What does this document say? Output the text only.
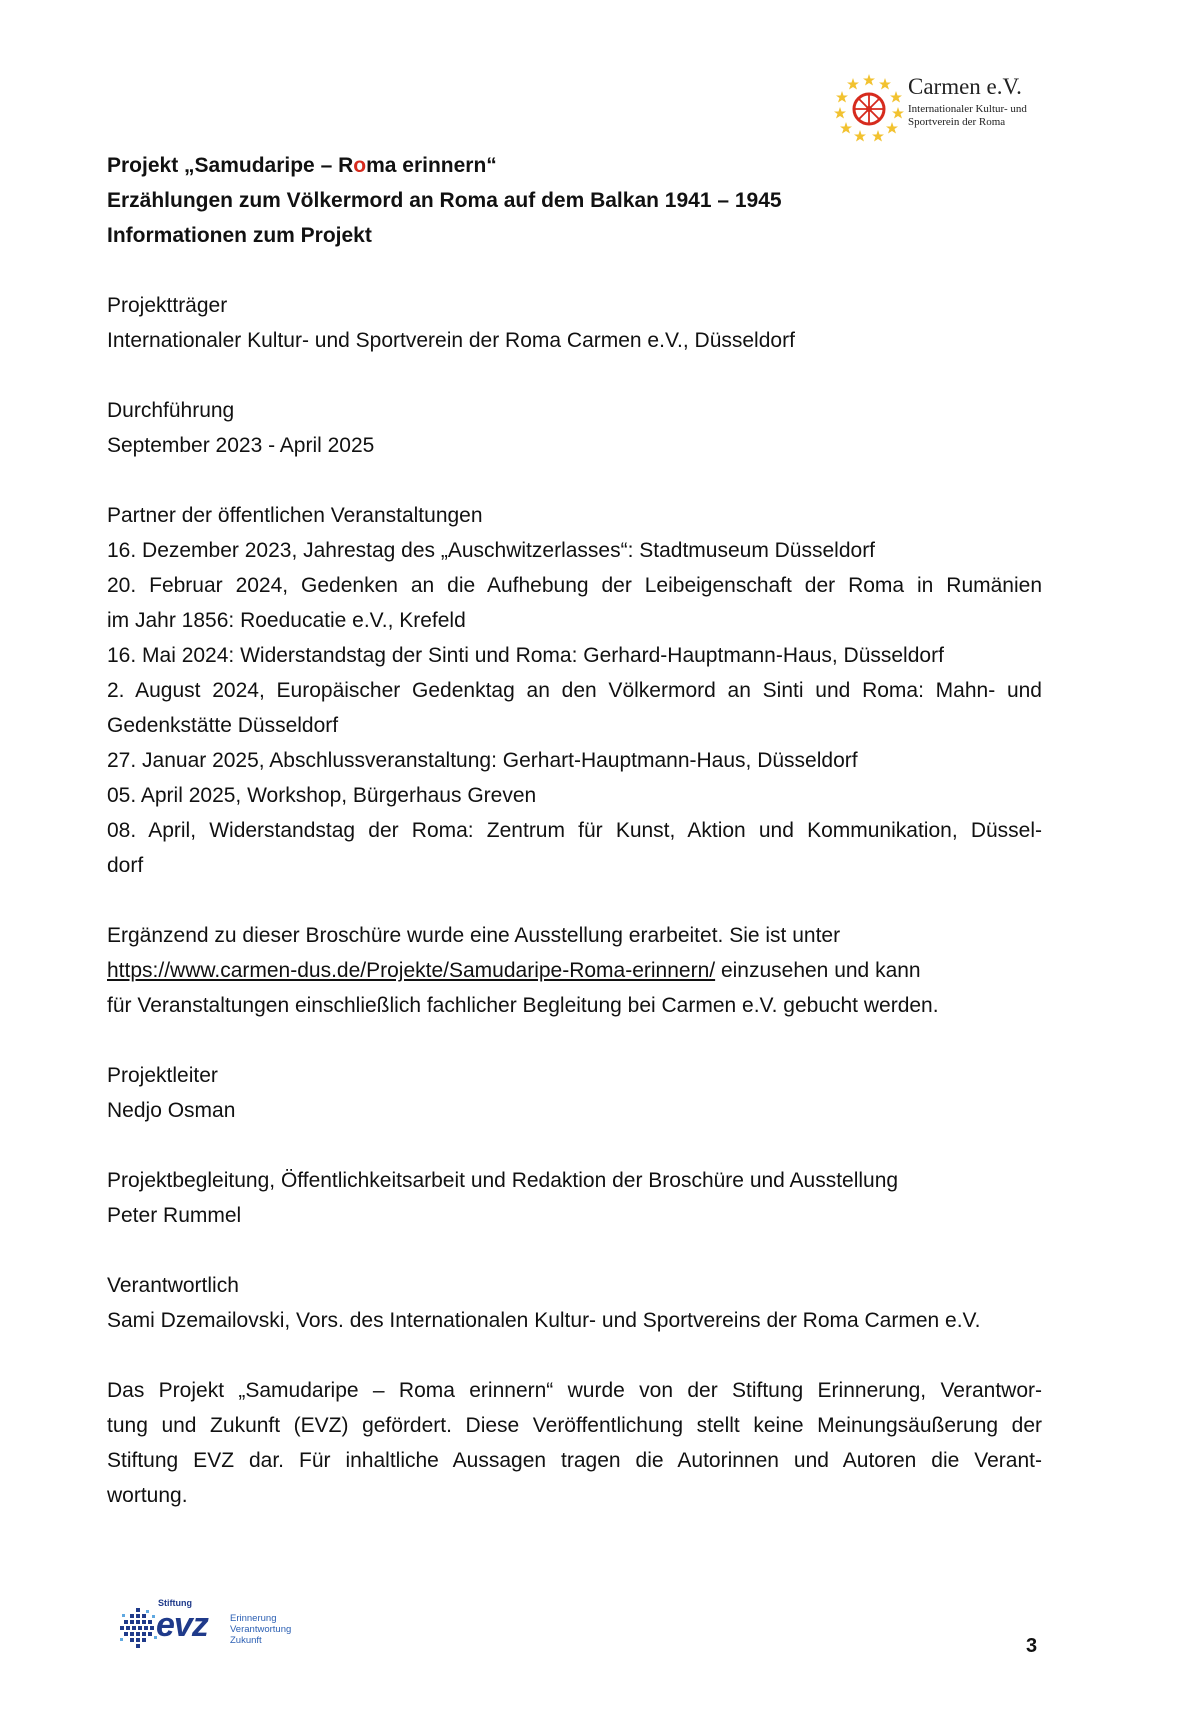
Carmen e.V.
Internationaler Kultur- und
Sportverein der Roma
Projekt „Samudaripe – Roma erinnern“
Erzählungen zum Völkermord an Roma auf dem Balkan 1941 – 1945
Informationen zum Projekt
Projektträger
Internationaler Kultur- und Sportverein der Roma Carmen e.V., Düsseldorf
Durchführung
September 2023 - April 2025
Partner der öffentlichen Veranstaltungen
16. Dezember 2023, Jahrestag des „Auschwitzerlasses“: Stadtmuseum Düsseldorf
20. Februar 2024, Gedenken an die Aufhebung der Leibeigenschaft der Roma in Rumänien
im Jahr 1856: Roeducatie e.V., Krefeld
16. Mai 2024: Widerstandstag der Sinti und Roma: Gerhard-Hauptmann-Haus, Düsseldorf
2. August 2024, Europäischer Gedenktag an den Völkermord an Sinti und Roma: Mahn- und
Gedenkstätte Düsseldorf
27. Januar 2025, Abschlussveranstaltung: Gerhart-Hauptmann-Haus, Düsseldorf
05. April 2025, Workshop, Bürgerhaus Greven
08. April, Widerstandstag der Roma: Zentrum für Kunst, Aktion und Kommunikation, Düssel-
dorf
Ergänzend zu dieser Broschüre wurde eine Ausstellung erarbeitet. Sie ist unter
https://www.carmen-dus.de/Projekte/Samudaripe-Roma-erinnern/ einzusehen und kann
für Veranstaltungen einschließlich fachlicher Begleitung bei Carmen e.V. gebucht werden.
Projektleiter
Nedjo Osman
Projektbegleitung, Öffentlichkeitsarbeit und Redaktion der Broschüre und Ausstellung
Peter Rummel
Verantwortlich
Sami Dzemailovski, Vors. des Internationalen Kultur- und Sportvereins der Roma Carmen e.V.
Das Projekt „Samudaripe – Roma erinnern“ wurde von der Stiftung Erinnerung, Verantwor-
tung und Zukunft (EVZ) gefördert. Diese Veröffentlichung stellt keine Meinungsäußerung der
Stiftung EVZ dar. Für inhaltliche Aussagen tragen die Autorinnen und Autoren die Verant-
wortung.
Stiftung
evz Erinnerung
Verantwortung
Zukunft	3
